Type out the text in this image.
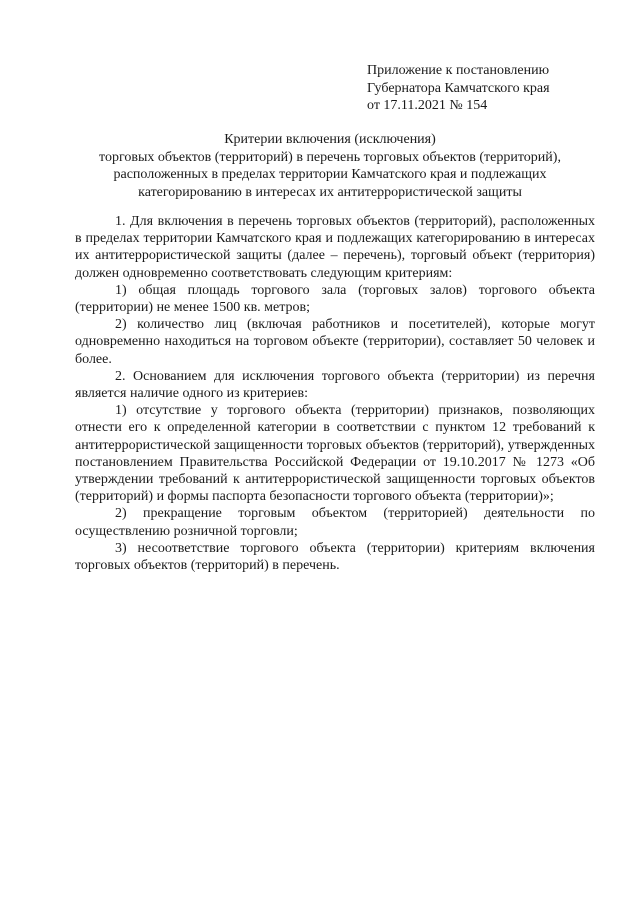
Приложение к постановлению
Губернатора Камчатского края
от 17.11.2021 № 154
Критерии включения (исключения)
торговых объектов (территорий) в перечень торговых объектов (территорий),
расположенных в пределах территории Камчатского края и подлежащих
категорированию в интересах их антитеррористической защиты

1. Для включения в перечень торговых объектов (территорий), расположенных в пределах территории Камчатского края и подлежащих категорированию в интересах их антитеррористической защиты (далее – перечень), торговый объект (территория) должен одновременно соответствовать следующим критериям:

1) общая площадь торгового зала (торговых залов) торгового объекта (территории) не менее 1500 кв. метров;

2) количество лиц (включая работников и посетителей), которые могут одновременно находиться на торговом объекте (территории), составляет 50 человек и более.

2. Основанием для исключения торгового объекта (территории) из перечня является наличие одного из критериев:

1) отсутствие у торгового объекта (территории) признаков, позволяющих отнести его к определенной категории в соответствии с пунктом 12 требований к антитеррористической защищенности торговых объектов (территорий), утвержденных постановлением Правительства Российской Федерации от 19.10.2017 № 1273 «Об утверждении требований к антитеррористической защищенности торговых объектов (территорий) и формы паспорта безопасности торгового объекта (территории)»;

2) прекращение торговым объектом (территорией) деятельности по осуществлению розничной торговли;

3) несоответствие торгового объекта (территории) критериям включения торговых объектов (территорий) в перечень.
